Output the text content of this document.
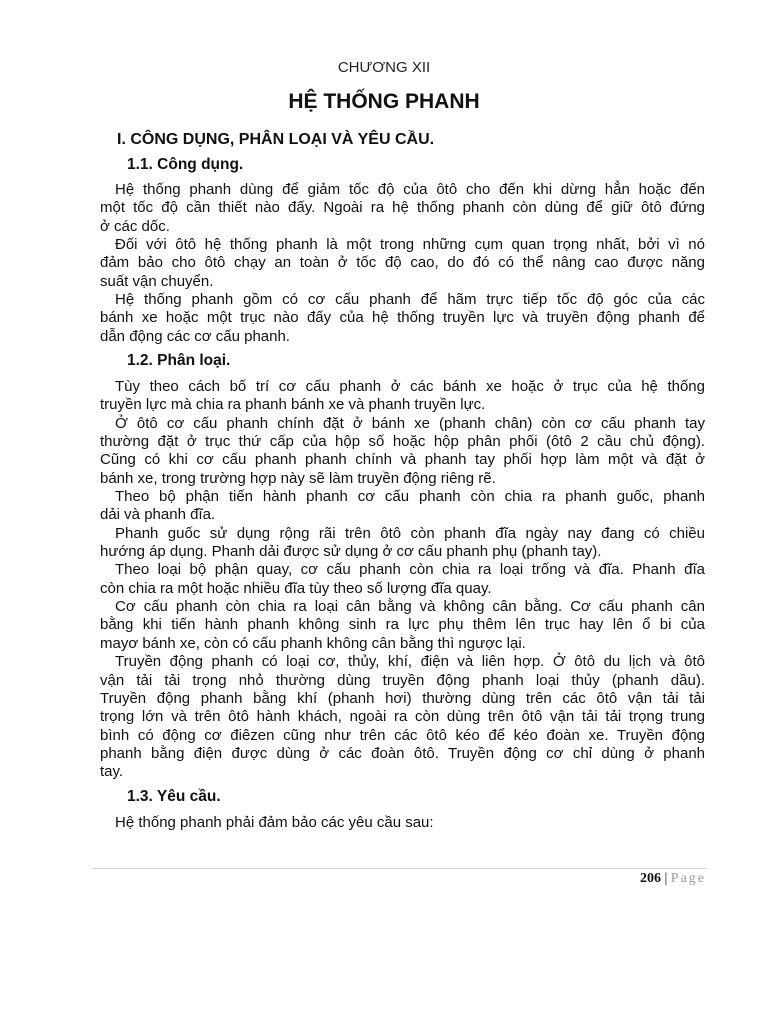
CHƯƠNG XII
HỆ THỐNG PHANH
I. CÔNG DỤNG, PHÂN LOẠI VÀ YÊU CẦU.
1.1. Công dụng.
Hệ thống phanh dùng để giảm tốc độ của ôtô cho đến khi dừng hẳn hoặc đến
một tốc độ cần thiết nào đấy. Ngoài ra hệ thống phanh còn dùng để giữ ôtô đứng
ở các dốc.
Đối với ôtô hệ thống phanh là một trong những cụm quan trọng nhất, bởi vì nó
đảm bảo cho ôtô chạy an toàn ở tốc độ cao, do đó có thể nâng cao được năng
suất vận chuyển.
Hệ thống phanh gồm có cơ cấu phanh để hãm trực tiếp tốc độ góc của các
bánh xe hoặc một trục nào đấy của hệ thống truyền lực và truyền động phanh để
dẫn động các cơ cấu phanh.
1.2. Phân loại.
Tùy theo cách bố trí cơ cấu phanh ở các bánh xe hoặc ở trục của hệ thống
truyền lực mà chia ra phanh bánh xe và phanh truyền lực.
Ở ôtô cơ cấu phanh chính đặt ở bánh xe (phanh chân) còn cơ cấu phanh tay
thường đặt ở trục thứ cấp của hộp số hoặc hộp phân phối (ôtô 2 cầu chủ động).
Cũng có khi cơ cấu phanh phanh chính và phanh tay phối hợp làm một và đặt ở
bánh xe, trong trường hợp này sẽ làm truyền động riêng rẽ.
Theo bộ phận tiến hành phanh cơ cấu phanh còn chia ra phanh guốc, phanh
dải và phanh đĩa.
Phanh guốc sử dụng rộng rãi trên ôtô còn phanh đĩa ngày nay đang có chiều
hướng áp dụng. Phanh dải được sử dụng ở cơ cấu phanh phụ (phanh tay).
Theo loại bộ phận quay, cơ cấu phanh còn chia ra loại trống và đĩa. Phanh đĩa
còn chia ra một hoặc nhiều đĩa tùy theo số lượng đĩa quay.
Cơ cấu phanh còn chia ra loại cân bằng và không cân bằng. Cơ cấu phanh cân
bằng khi tiến hành phanh không sinh ra lực phụ thêm lên trục hay lên ổ bi của
mayơ bánh xe, còn có cấu phanh không cân bằng thì ngược lại.
Truyền động phanh có loại cơ, thủy, khí, điện và liên hợp. Ở ôtô du lịch và ôtô
vận tải tải trọng nhỏ thường dùng truyền động phanh loại thủy (phanh dầu).
Truyền động phanh bằng khí (phanh hơi) thường dùng trên các ôtô vận tải tải
trọng lớn và trên ôtô hành khách, ngoài ra còn dùng trên ôtô vận tải tải trọng trung
bình có động cơ điêzen cũng như trên các ôtô kéo để kéo đoàn xe. Truyền động
phanh bằng điện được dùng ở các đoàn ôtô. Truyền động cơ chỉ dùng ở phanh
tay.
1.3. Yêu cầu.
Hệ thống phanh phải đảm bảo các yêu cầu sau:
206 | Page
